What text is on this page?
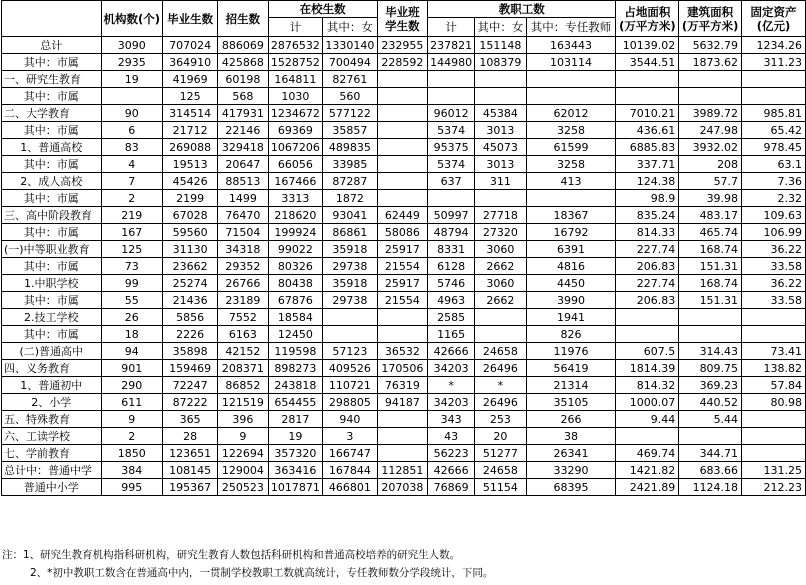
	机构数(个)	毕业生数	招生数	在校生数		毕业班学生数	教职工数			占地面积(万平方米)	建筑面积(万平方米)	固定资产(亿元)
				计	其中：女		计	其中：女	其中：专任教师			
总计	3090	707024	886069	2876532	1330140	232955	237821	151148	163443	10139.02	5632.79	1234.26
其中：市属	2935	364910	425868	1528752	700494	228592	144980	108379	103114	3544.51	1873.62	311.23
一、研究生教育	19	41969	60198	164811	82761							
其中：市属		125	568	1030	560							
二、大学教育	90	314514	417931	1234672	577122		96012	45384	62012	7010.21	3989.72	985.81
其中：市属	6	21712	22146	69369	35857		5374	3013	3258	436.61	247.98	65.42
1、普通高校	83	269088	329418	1067206	489835		95375	45073	61599	6885.83	3932.02	978.45
其中：市属	4	19513	20647	66056	33985		5374	3013	3258	337.71	208	63.1
2、成人高校	7	45426	88513	167466	87287		637	311	413	124.38	57.7	7.36
其中：市属	2	2199	1499	3313	1872					98.9	39.98	2.32
三、高中阶段教育	219	67028	76470	218620	93041	62449	50997	27718	18367	835.24	483.17	109.63
其中：市属	167	59560	71504	199924	86861	58086	48794	27320	16792	814.33	465.74	106.99
(一)中等职业教育	125	31130	34318	99022	35918	25917	8331	3060	6391	227.74	168.74	36.22
其中：市属	73	23662	29352	80326	29738	21554	6128	2662	4816	206.83	151.31	33.58
1.中职学校	99	25274	26766	80438	35918	25917	5746	3060	4450	227.74	168.74	36.22
其中：市属	55	21436	23189	67876	29738	21554	4963	2662	3990	206.83	151.31	33.58
2.技工学校	26	5856	7552	18584			2585		1941			
其中：市属	18	2226	6163	12450			1165		826			
(二)普通高中	94	35898	42152	119598	57123	36532	42666	24658	11976	607.5	314.43	73.41
四、义务教育	901	159469	208371	898273	409526	170506	34203	26496	56419	1814.39	809.75	138.82
1、普通初中	290	72247	86852	243818	110721	76319	*	*	21314	814.32	369.23	57.84
2、小学	611	87222	121519	654455	298805	94187	34203	26496	35105	1000.07	440.52	80.98
五、特殊教育	9	365	396	2817	940		343	253	266	9.44	5.44	
六、工读学校	2	28	9	19	3		43	20	38			
七、学前教育	1850	123651	122694	357320	166747		56223	51277	26341	469.74	344.71	
总计中：普通中学	384	108145	129004	363416	167844	112851	42666	24658	33290	1421.82	683.66	131.25
普通中小学	995	195367	250523	1017871	466801	207038	76869	51154	68395	2421.89	1124.18	212.23
注：1、研究生教育机构指科研机构，研究生教育人数包括科研机构和普通高校培养的研究生人数。
2、*初中教职工数含在普通高中内，一贯制学校教职工数就高统计，专任教师数分学段统计，下同。
